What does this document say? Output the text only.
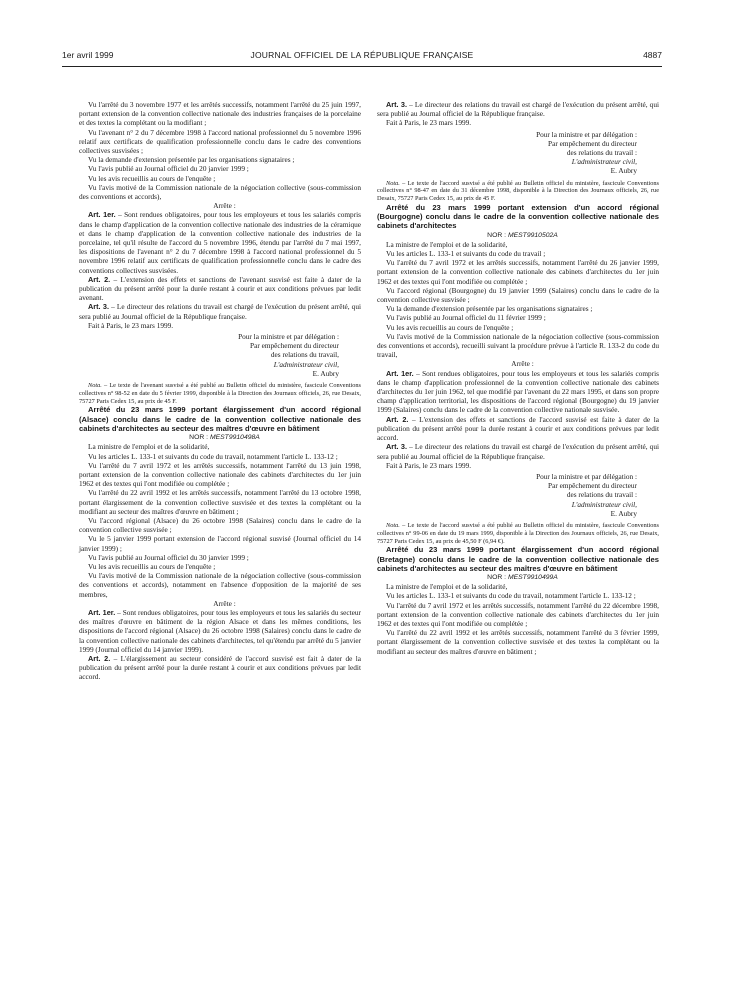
1er avril 1999	JOURNAL OFFICIEL DE LA RÉPUBLIQUE FRANÇAISE	4887

Vu l'arrêté du 3 novembre 1977 et les arrêtés successifs, notamment l'arrêté du 25 juin 1997, portant extension de la convention collective nationale des industries françaises de la porcelaine et des textes la complétant ou la modifiant ;

Vu l'avenant n° 2 du 7 décembre 1998 à l'accord national professionnel du 5 novembre 1996 relatif aux certificats de qualification professionnelle conclu dans le cadre des conventions collectives susvisées ;

Vu la demande d'extension présentée par les organisations signataires ;

Vu l'avis publié au Journal officiel du 20 janvier 1999 ;

Vu les avis recueillis au cours de l'enquête ;

Vu l'avis motivé de la Commission nationale de la négociation collective (sous-commission des conventions et accords),

Arrête :

Art. 1er. – Sont rendues obligatoires, pour tous les employeurs et tous les salariés compris dans le champ d'application de la convention collective nationale des industries de la céramique et dans le champ d'application de la convention collective nationale des industries de la porcelaine, tel qu'il résulte de l'accord du 5 novembre 1996, étendu par l'arrêté du 7 mai 1997, les dispositions de l'avenant n° 2 du 7 décembre 1998 à l'accord national professionnel du 5 novembre 1996 relatif aux certificats de qualification professionnelle conclu dans le cadre des conventions collectives susvisées.

Art. 2. – L'extension des effets et sanctions de l'avenant susvisé est faite à dater de la publication du présent arrêté pour la durée restant à courir et aux conditions prévues par ledit avenant.

Art. 3. – Le directeur des relations du travail est chargé de l'exécution du présent arrêté, qui sera publié au Journal officiel de la République française.

Fait à Paris, le 23 mars 1999.

Pour la ministre et par délégation :

Par empêchement du directeur

des relations du travail,

L'administrateur civil,

E. Aubry

Nota. – Le texte de l'avenant susvisé a été publié au Bulletin officiel du ministère, fascicule Conventions collectives n° 98-52 en date du 5 février 1999, disponible à la Direction des Journaux officiels, 26, rue Desaix, 75727 Paris Cedex 15, au prix de 45 F.

Arrêté du 23 mars 1999 portant élargissement d'un accord régional (Alsace) conclu dans le cadre de la convention collective nationale des cabinets d'architectes au secteur des maîtres d'œuvre en bâtiment

NOR : MEST9910498A

La ministre de l'emploi et de la solidarité,

Vu les articles L. 133-1 et suivants du code du travail, notamment l'article L. 133-12 ;

Vu l'arrêté du 7 avril 1972 et les arrêtés successifs, notamment l'arrêté du 13 juin 1998, portant extension de la convention collective nationale des cabinets d'architectes du 1er juin 1962 et des textes qui l'ont modifiée ou complétée ;

Vu l'arrêté du 22 avril 1992 et les arrêtés successifs, notamment l'arrêté du 13 octobre 1998, portant élargissement de la convention collective susvisée et des textes la complétant ou la modifiant au secteur des maîtres d'œuvre en bâtiment ;

Vu l'accord régional (Alsace) du 26 octobre 1998 (Salaires) conclu dans le cadre de la convention collective susvisée ;

Vu le 5 janvier 1999 portant extension de l'accord régional susvisé (Journal officiel du 14 janvier 1999) ;

Vu l'avis publié au Journal officiel du 30 janvier 1999 ;

Vu les avis recueillis au cours de l'enquête ;

Vu l'avis motivé de la Commission nationale de la négociation collective (sous-commission des conventions et accords), notamment en l'absence d'opposition de la majorité de ses membres,

Arrête :

Art. 1er. – Sont rendues obligatoires, pour tous les employeurs et tous les salariés du secteur des maîtres d'œuvre en bâtiment de la région Alsace et dans les mêmes conditions, les dispositions de l'accord régional (Alsace) du 26 octobre 1998 (Salaires) conclu dans le cadre de la convention collective nationale des cabinets d'architectes, tel qu'étendu par arrêté du 5 janvier 1999 (Journal officiel du 14 janvier 1999).

Art. 2. – L'élargissement au secteur considéré de l'accord susvisé est fait à dater de la publication du présent arrêté pour la durée restant à courir et aux conditions prévues par ledit accord.

Art. 3. – Le directeur des relations du travail est chargé de l'exécution du présent arrêté, qui sera publié au Journal officiel de la République française.

Fait à Paris, le 23 mars 1999.

Pour la ministre et par délégation :

Par empêchement du directeur

des relations du travail :

L'administrateur civil,

E. Aubry

Nota. – Le texte de l'accord susvisé a été publié au Bulletin officiel du ministère, fascicule Conventions collectives n° 98-47 en date du 31 décembre 1998, disponible à la Direction des Journaux officiels, 26, rue Desaix, 75727 Paris Cedex 15, au prix de 45 F.

Arrêté du 23 mars 1999 portant extension d'un accord régional (Bourgogne) conclu dans le cadre de la convention collective nationale des cabinets d'architectes

NOR : MEST9910502A

La ministre de l'emploi et de la solidarité,

Vu les articles L. 133-1 et suivants du code du travail ;

Vu l'arrêté du 7 avril 1972 et les arrêtés successifs, notamment l'arrêté du 26 janvier 1999, portant extension de la convention collective nationale des cabinets d'architectes du 1er juin 1962 et des textes qui l'ont modifiée ou complétée ;

Vu l'accord régional (Bourgogne) du 19 janvier 1999 (Salaires) conclu dans le cadre de la convention collective susvisée ;

Vu la demande d'extension présentée par les organisations signataires ;

Vu l'avis publié au Journal officiel du 11 février 1999 ;

Vu les avis recueillis au cours de l'enquête ;

Vu l'avis motivé de la Commission nationale de la négociation collective (sous-commission des conventions et accords), recueilli suivant la procédure prévue à l'article R. 133-2 du code du travail,

Arrête :

Art. 1er. – Sont rendues obligatoires, pour tous les employeurs et tous les salariés compris dans le champ d'application professionnel de la convention collective nationale des cabinets d'architectes du 1er juin 1962, tel que modifié par l'avenant du 22 mars 1995, et dans son propre champ d'application territorial, les dispositions de l'accord régional (Bourgogne) du 19 janvier 1999 (Salaires) conclu dans le cadre de la convention collective nationale susvisée.

Art. 2. – L'extension des effets et sanctions de l'accord susvisé est faite à dater de la publication du présent arrêté pour la durée restant à courir et aux conditions prévues par ledit accord.

Art. 3. – Le directeur des relations du travail est chargé de l'exécution du présent arrêté, qui sera publié au Journal officiel de la République française.

Fait à Paris, le 23 mars 1999.

Pour la ministre et par délégation :

Par empêchement du directeur

des relations du travail :

L'administrateur civil,

E. Aubry

Nota. – Le texte de l'accord susvisé a été publié au Bulletin officiel du ministère, fascicule Conventions collectives n° 99-06 en date du 19 mars 1999, disponible à la Direction des Journaux officiels, 26, rue Desaix, 75727 Paris Cedex 15, au prix de 45,50 F (6,94 €).

Arrêté du 23 mars 1999 portant élargissement d'un accord régional (Bretagne) conclu dans le cadre de la convention collective nationale des cabinets d'architectes au secteur des maîtres d'œuvre en bâtiment

NOR : MEST9910499A

La ministre de l'emploi et de la solidarité,

Vu les articles L. 133-1 et suivants du code du travail, notamment l'article L. 133-12 ;

Vu l'arrêté du 7 avril 1972 et les arrêtés successifs, notamment l'arrêté du 22 décembre 1998, portant extension de la convention collective nationale des cabinets d'architectes du 1er juin 1962 et des textes qui l'ont modifiée ou complétée ;

Vu l'arrêté du 22 avril 1992 et les arrêtés successifs, notamment l'arrêté du 3 février 1999, portant élargissement de la convention collective susvisée et des textes la complétant ou la modifiant au secteur des maîtres d'œuvre en bâtiment ;
